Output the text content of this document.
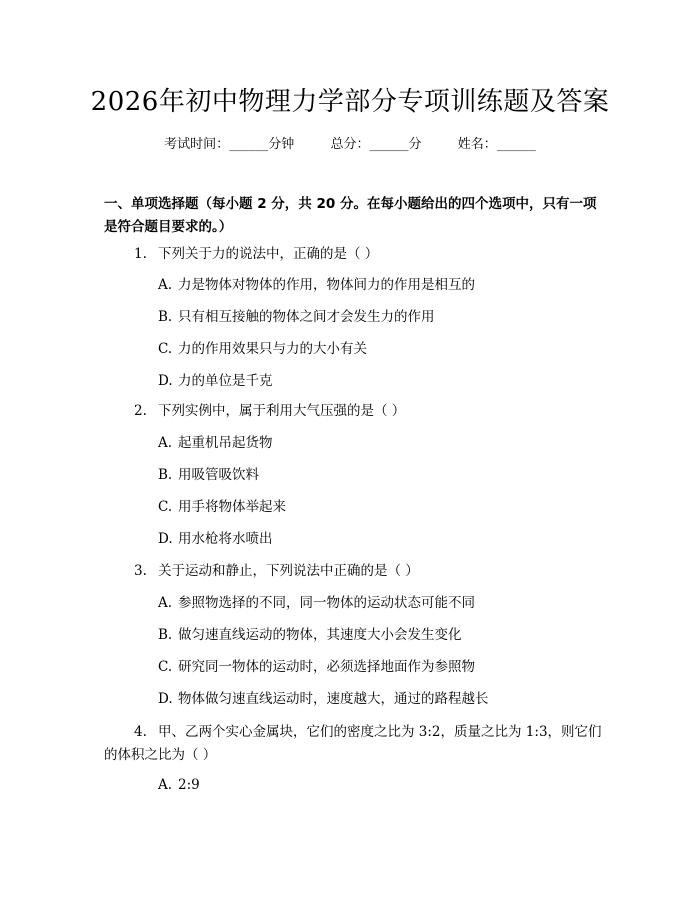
2026年初中物理力学部分专项训练题及答案
考试时间：______分钟	总分：______分	姓名：______
一、单项选择题（每小题 2 分，共 20 分。在每小题给出的四个选项中，只有一项是符合题目要求的。）
1. 下列关于力的说法中，正确的是（ ）
A. 力是物体对物体的作用，物体间力的作用是相互的
B. 只有相互接触的物体之间才会发生力的作用
C. 力的作用效果只与力的大小有关
D. 力的单位是千克
2. 下列实例中，属于利用大气压强的是（ ）
A. 起重机吊起货物
B. 用吸管吸饮料
C. 用手将物体举起来
D. 用水枪将水喷出
3. 关于运动和静止，下列说法中正确的是（ ）
A. 参照物选择的不同，同一物体的运动状态可能不同
B. 做匀速直线运动的物体，其速度大小会发生变化
C. 研究同一物体的运动时，必须选择地面作为参照物
D. 物体做匀速直线运动时，速度越大，通过的路程越长
4. 甲、乙两个实心金属块，它们的密度之比为 3:2，质量之比为 1:3，则它们的体积之比为（ ）
A. 2:9
